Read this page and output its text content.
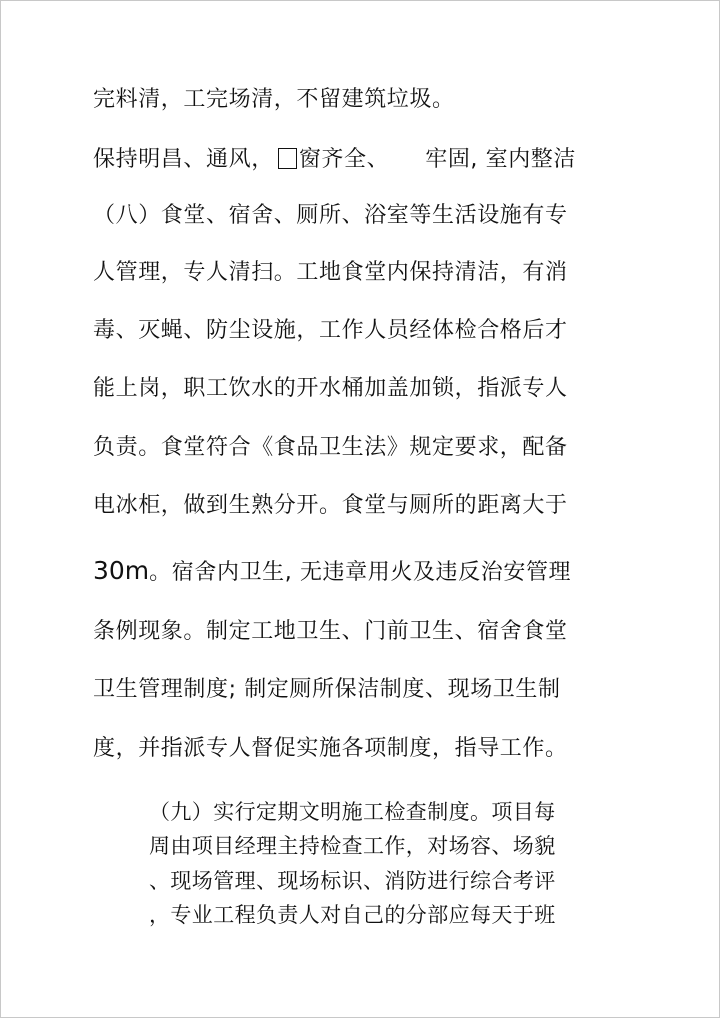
完料清，工完场清，不留建筑垃圾。
保持明昌、通风， 窗齐全、 牢固, 室内整洁
（八）食堂、宿舍、厕所、浴室等生活设施有专
人管理，专人清扫。工地食堂内保持清洁，有消
毒、灭蝇、防尘设施，工作人员经体检合格后才
能上岗，职工饮水的开水桶加盖加锁，指派专人
负责。食堂符合《食品卫生法》规定要求，配备
电冰柜，做到生熟分开。食堂与厕所的距离大于
30m。宿舍内卫生, 无违章用火及违反治安管理
条例现象。制定工地卫生、门前卫生、宿舍食堂
卫生管理制度; 制定厕所保洁制度、现场卫生制
度，并指派专人督促实施各项制度，指导工作。
（九）实行定期文明施工检查制度。项目每
周由项目经理主持检查工作，对场容、场貌
、现场管理、现场标识、消防进行综合考评
，专业工程负责人对自己的分部应每天于班
